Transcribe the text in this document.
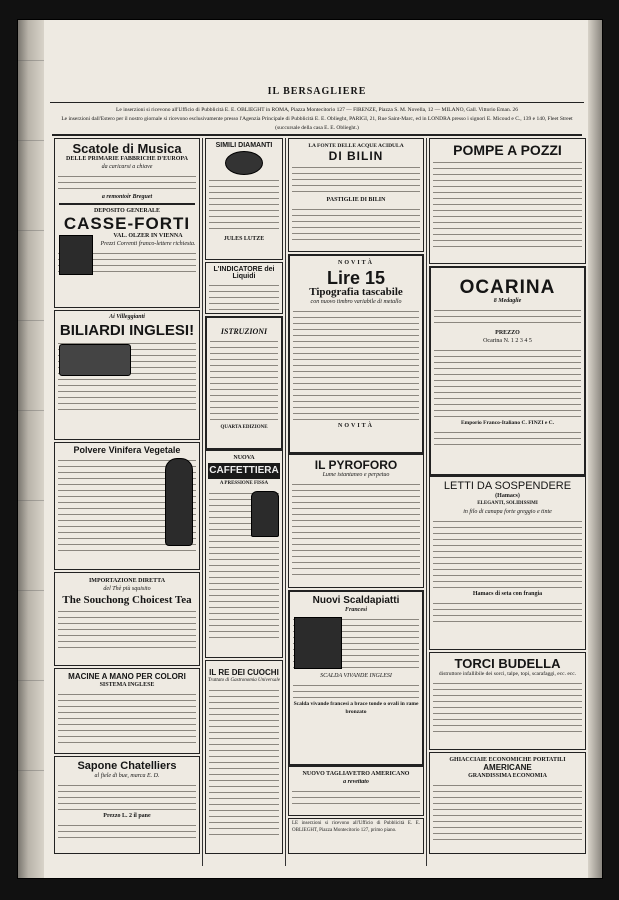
IL BERSAGLIERE
Le inserzioni si ricevono all'Ufficio di Pubblicità E. E. OBLIEGHT in ROMA, Piazza Montecitorio 127 — FIRENZE, Piazza S. M. Novella, 12 — MILANO, Gall. Vittorio Eman. 26
Le inserzioni dall'Estero per il nostro giornale si ricevono esclusivamente presso l'Agenzia Principale di Pubblicità E. E. Oblieght, PARIGI, 21, Rue Saint-Marc, ed in LONDRA presso i signori E. Micoud e C., 139 e 140, Fleet Street (succursale della casa E. E. Oblieght.)
Scatole di Musica
DELLE PRIMARIE FABBRICHE D'EUROPA
da caricarsi a chiave
a remontoir Breguet
DEPOSITO GENERALE
CASSE-FORTI
VAL. OLZER IN VIENNA
Prezzi Correnti franco-lettere richiesta.
Ai Villeggianti
BILIARDI INGLESI!
Polvere Vinifera Vegetale
IMPORTAZIONE DIRETTA
del Thè più squisito
The Souchong Choicest Tea
MACINE A MANO PER COLORI
SISTEMA INGLESE
Sapone Chatelliers
al fiele di bue, marca E. D.
Prezzo L. 2 il pane
SIMILI DIAMANTI
JULES LUTZE
L'INDICATORE dei Liquidi
ISTRUZIONI
QUARTA EDIZIONE
NUOVA
CAFFETTIERA
A PRESSIONE FISSA
IL RE DEI CUOCHI
Trattato di Gastronomia Universale
LA FONTE DELLE ACQUE ACIDULA
DI BILIN
PASTIGLIE DI BILIN
NOVITÀ
Lire 15
Tipografia tascabile
con nuovo timbro variabile di metallo
NOVITÀ
IL PYROFORO
Lume istantaneo e perpetuo
Nuovi Scaldapiatti
Francesi
SCALDA VIVANDE INGLESI
Scalda vivande francesi a brace tonde o ovali in rame bronzato
NUOVO TAGLIAVETRO AMERICANO
a revettato
LE inserzioni si ricevono all'Ufficio di Pubblicità E. E. OBLIEGHT, Piazza Montecitorio 127, primo piano.
POMPE A POZZI
OCARINA
8 Medaglie
PREZZO
Ocarina N. 1 2 3 4 5
Emporio Franco-Italiano C. FINZI e C.
LETTI DA SOSPENDERE
(Hamacs)
ELEGANTI, SOLIDISSIMI
in filo di canapa forte greggio e tinte
Hamacs di seta con frangia
TORCI BUDELLA
distruttore infallibile dei sorci, talpe, topi, scarafaggi, ecc. ecc.
GHIACCIAIE ECONOMICHE PORTATILI
AMERICANE
GRANDISSIMA ECONOMIA
